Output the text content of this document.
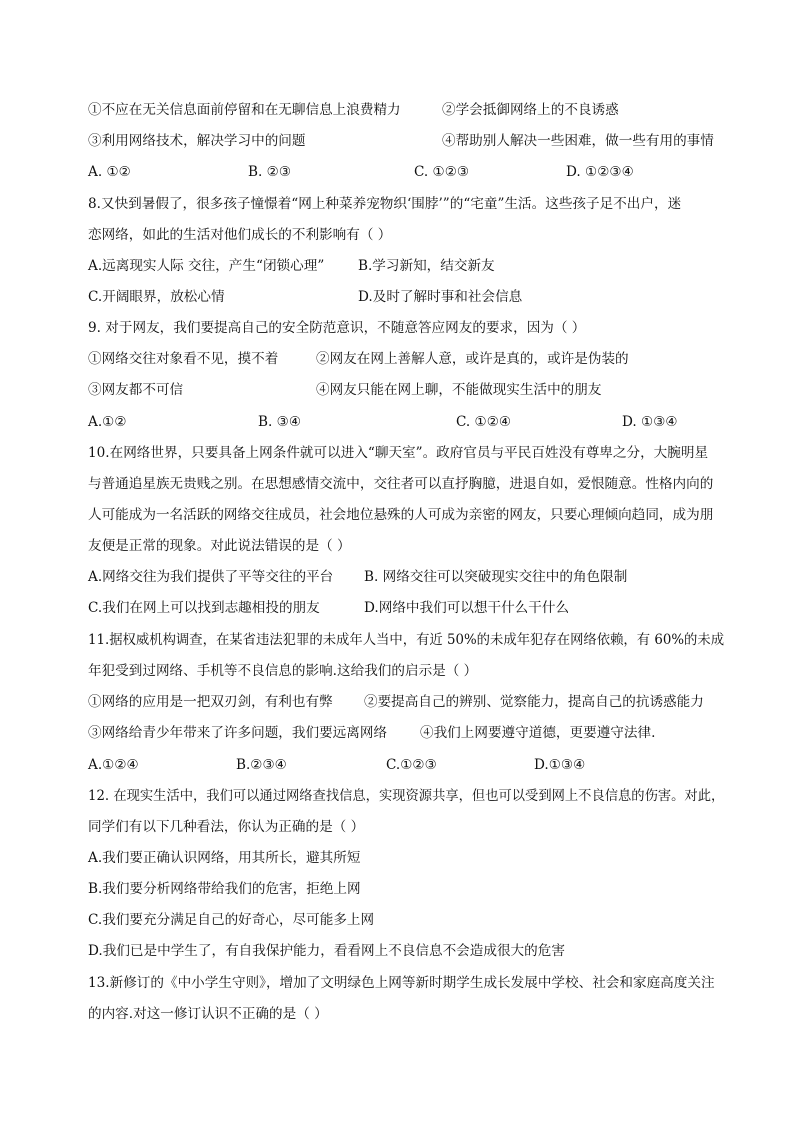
①不应在无关信息面前停留和在无聊信息上浪费精力	②学会抵御网络上的不良诱惑
③利用网络技术，解决学习中的问题	④帮助别人解决一些困难，做一些有用的事情
A. ①②	B. ②③	C. ①②③	D. ①②③④
8.又快到暑假了，很多孩子憧憬着“网上种菜养宠物织‘围脖’”的“宅童”生活。这些孩子足不出户，迷
恋网络，如此的生活对他们成长的不利影响有（ ）
A.远离现实人际 交往，产生“闭锁心理” B.学习新知，结交新友
C.开阔眼界，放松心情	D.及时了解时事和社会信息
9. 对于网友，我们要提高自己的安全防范意识，不随意答应网友的要求，因为（ ）
①网络交往对象看不见，摸不着	②网友在网上善解人意，或许是真的，或许是伪装的
③网友都不可信	④网友只能在网上聊，不能做现实生活中的朋友
A.①②	B. ③④	C. ①②④	D. ①③④
10.在网络世界，只要具备上网条件就可以进入“聊天室”。政府官员与平民百姓没有尊卑之分，大腕明星
与普通追星族无贵贱之别。在思想感情交流中，交往者可以直抒胸臆，进退自如，爱恨随意。性格内向的
人可能成为一名活跃的网络交往成员，社会地位悬殊的人可成为亲密的网友，只要心理倾向趋同，成为朋
友便是正常的现象。对此说法错误的是（ ）
A.网络交往为我们提供了平等交往的平台 B. 网络交往可以突破现实交往中的角色限制
C.我们在网上可以找到志趣相投的朋友	D.网络中我们可以想干什么干什么
11.据权威机构调查，在某省违法犯罪的未成年人当中，有近 50%的未成年犯存在网络依赖，有 60%的未成
年犯受到过网络、手机等不良信息的影响.这给我们的启示是（ ）
①网络的应用是一把双刃剑，有利也有弊 ②要提高自己的辨别、觉察能力，提高自己的抗诱惑能力
③网络给青少年带来了许多问题，我们要远离网络 ④我们上网要遵守道德，更要遵守法律.
A.①②④	B.②③④	C.①②③	D.①③④
12. 在现实生活中，我们可以通过网络查找信息，实现资源共享，但也可以受到网上不良信息的伤害。对此，
同学们有以下几种看法，你认为正确的是（ ）
A.我们要正确认识网络，用其所长，避其所短
B.我们要分析网络带给我们的危害，拒绝上网
C.我们要充分满足自己的好奇心，尽可能多上网
D.我们已是中学生了，有自我保护能力，看看网上不良信息不会造成很大的危害
13.新修订的《中小学生守则》，增加了文明绿色上网等新时期学生成长发展中学校、社会和家庭高度关注
的内容.对这一修订认识不正确的是（ ）
